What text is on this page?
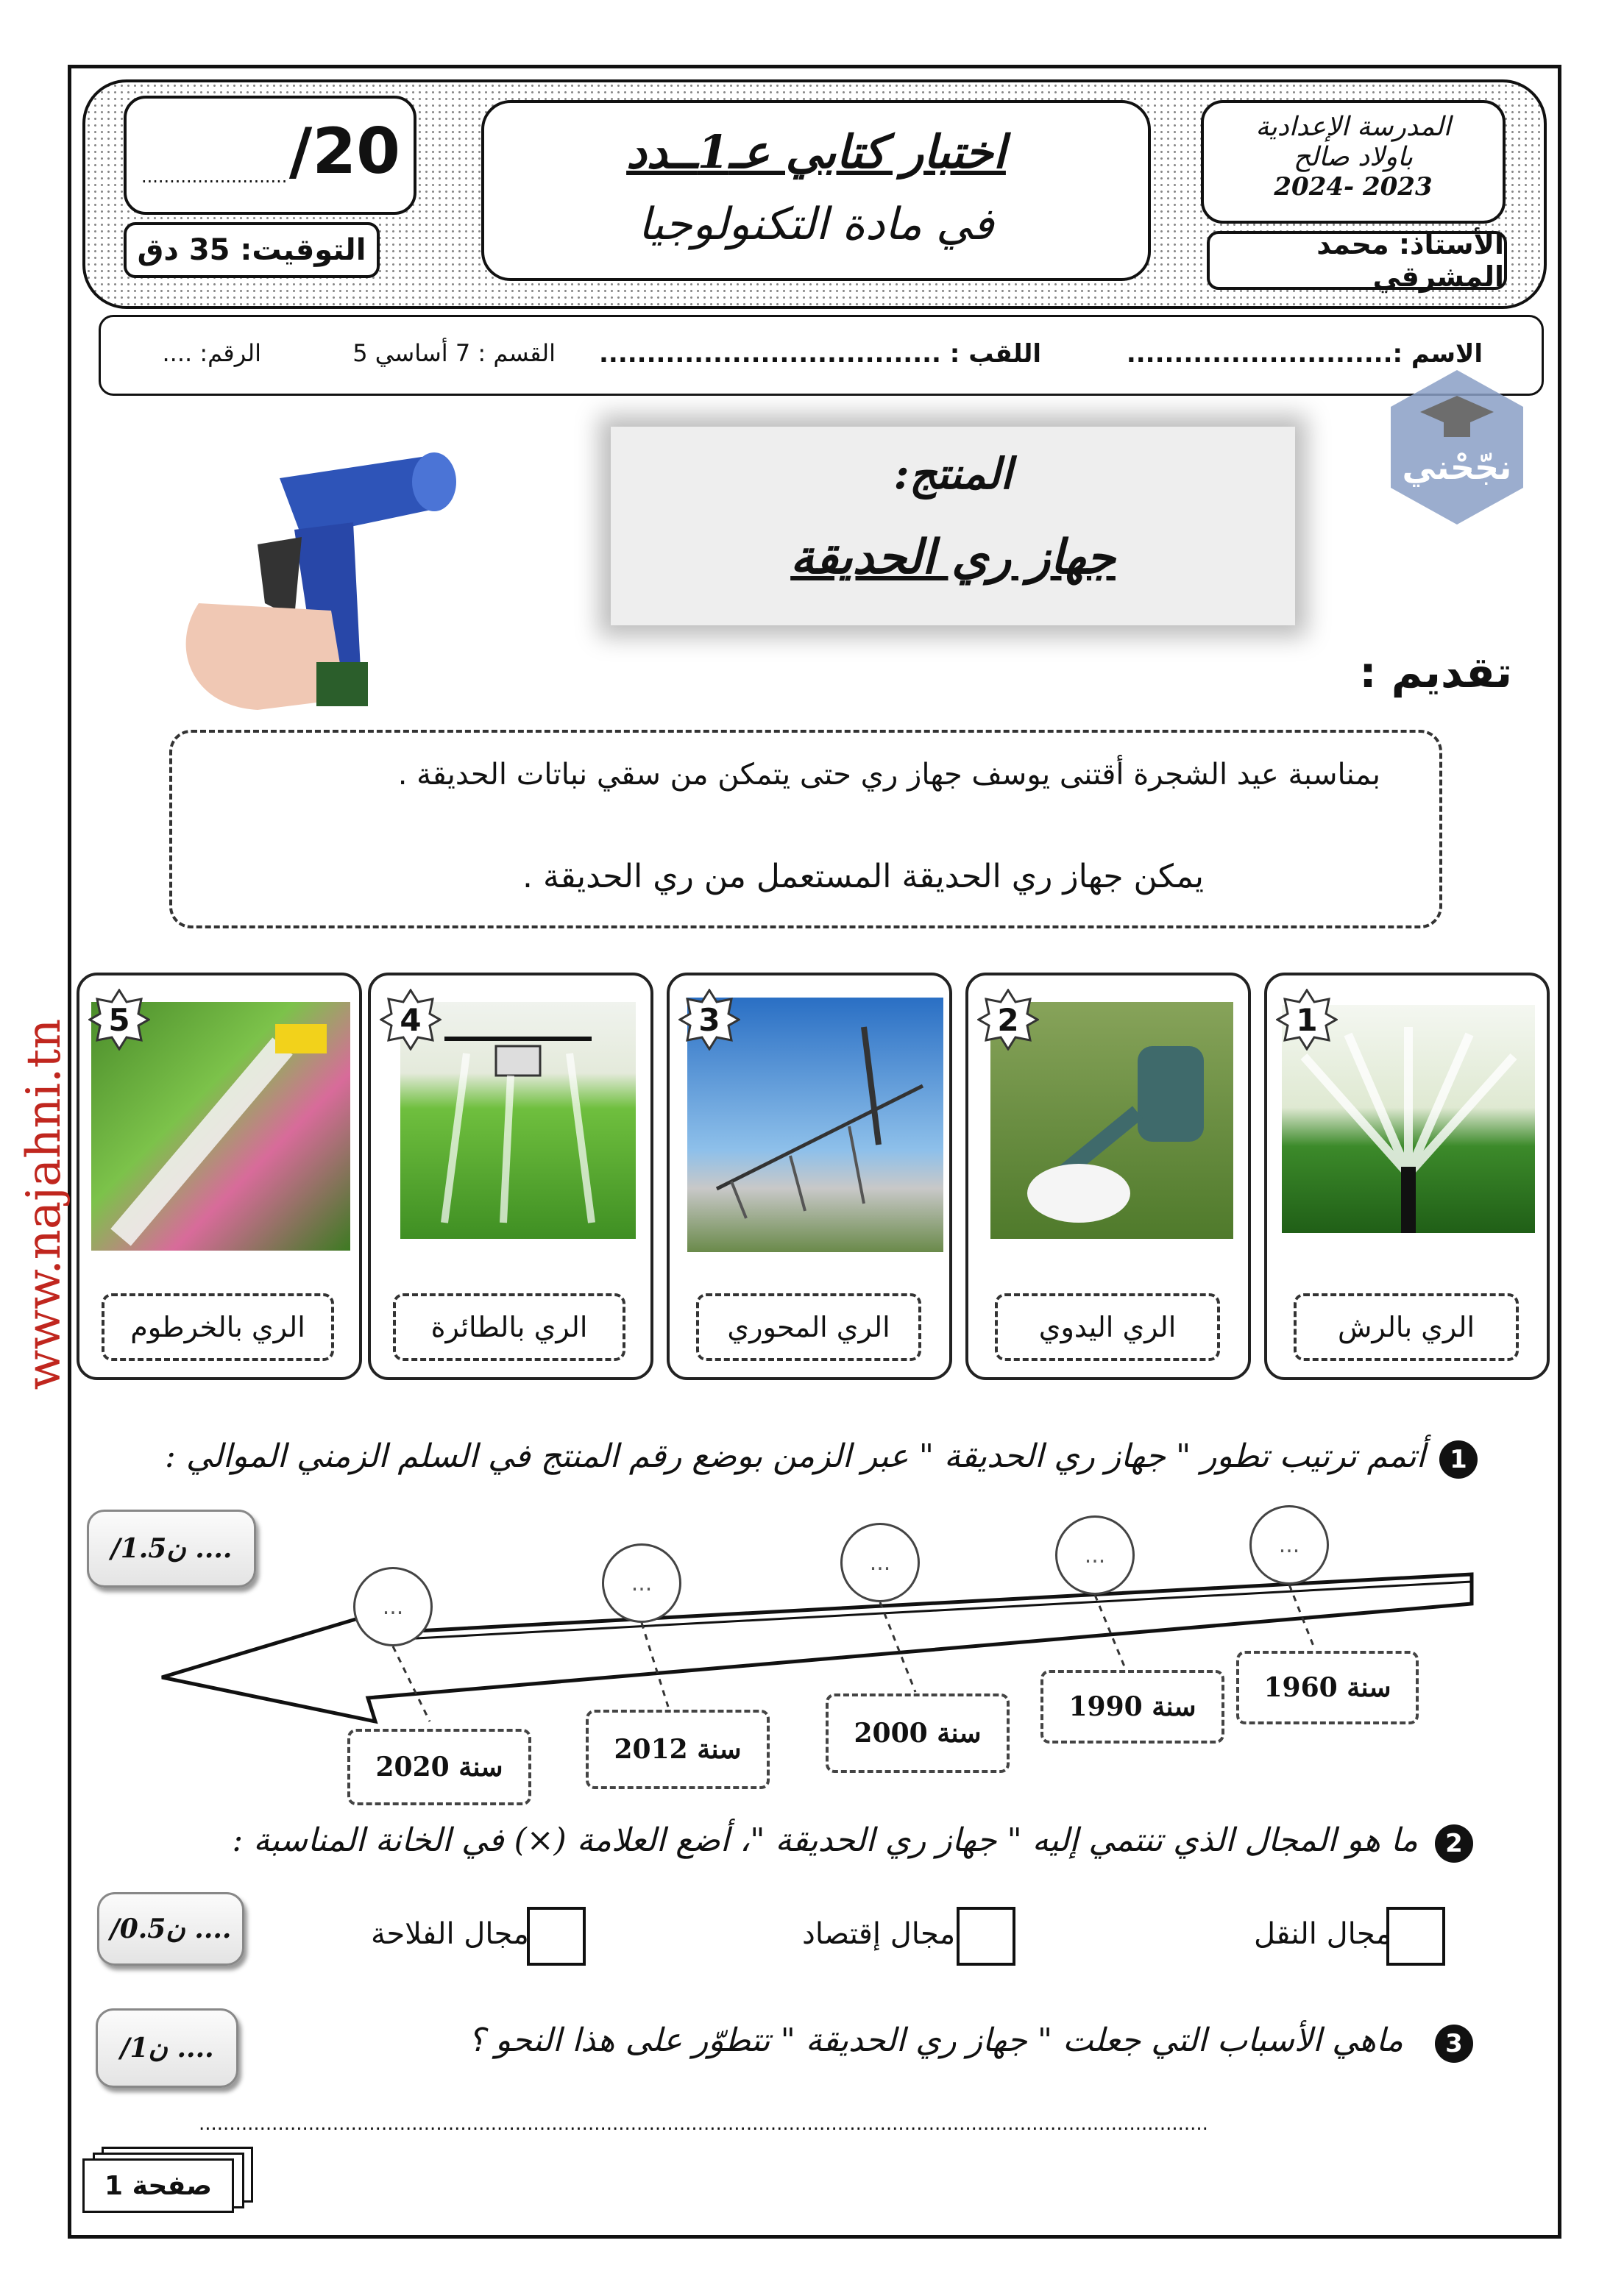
/20
..........................
التوقيت: 35 دق
اختبار كتابي عـ1ــدد
في مادة التكنولوجيا
المدرسة الإعدادية
باولاد صالح
2024- 2023
الأستاذ: محمد المشرقي
الاسم :............................
اللقب : ....................................
القسم : 7 أساسي 5
الرقم: ....
نجّحْني
www.najahni.tn
المنتج:
جهاز ري الحديقة
تقديم :
بمناسبة عيد الشجرة أقتنى يوسف جهاز ري حتى يتمكن من سقي نباتات الحديقة .
يمكن جهاز ري الحديقة المستعمل من ري الحديقة .
1
الري بالرش
2
الري اليدوي
3
الري المحوري
4
الري بالطائرة
5
الري بالخرطوم
1
أتمم ترتيب تطور " جهاز ري الحديقة " عبر الزمن بوضع رقم المنتج في السلم الزمني الموالي :
/1.5ن ....	...
...
...
...
...
سنة 1960
سنة 1990
سنة 2000
سنة 2012
سنة 2020
2
ما هو المجال الذي تنتمي إليه " جهاز ري الحديقة "، أضع العلامة (×) في الخانة المناسبة :
/0.5ن ....	مجال النقل
مجال إقتصاد
مجال الفلاحة
3
ماهي الأسباب التي جعلت " جهاز ري الحديقة " تتطوّر على هذا النحو ؟
/1ن ....
......................................................................................................................................................................
صفحة 1
